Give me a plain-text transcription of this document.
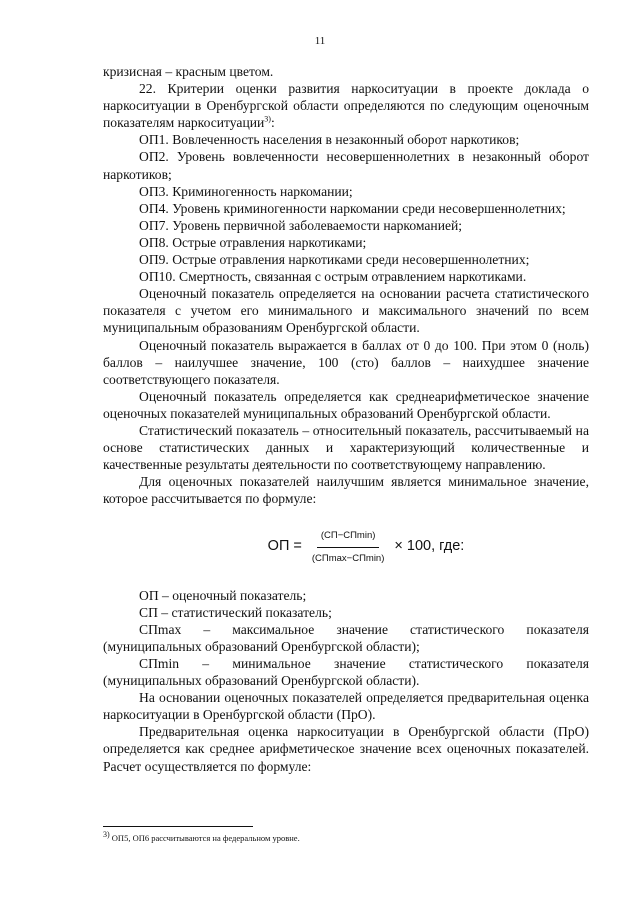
11

кризисная – красным цветом.

22. Критерии оценки развития наркоситуации в проекте доклада о наркоситуации в Оренбургской области определяются по следующим оценочным показателям наркоситуации$^{3)}$:

ОП1. Вовлеченность населения в незаконный оборот наркотиков;

ОП2. Уровень вовлеченности несовершеннолетних в незаконный оборот наркотиков;

ОП3. Криминогенность наркомании;

ОП4. Уровень криминогенности наркомании среди несовершеннолетних;

ОП7. Уровень первичной заболеваемости наркоманией;

ОП8. Острые отравления наркотиками;

ОП9. Острые отравления наркотиками среди несовершеннолетних;

ОП10. Смертность, связанная с острым отравлением наркотиками.

Оценочный показатель определяется на основании расчета статистического показателя с учетом его минимального и максимального значений по всем муниципальным образованиям Оренбургской области.

Оценочный показатель выражается в баллах от 0 до 100. При этом 0 (ноль) баллов – наилучшее значение, 100 (сто) баллов – наихудшее значение соответствующего показателя.

Оценочный показатель определяется как среднеарифметическое значение оценочных показателей муниципальных образований Оренбургской области.

Статистический показатель – относительный показатель, рассчитываемый на основе статистических данных и характеризующий количественные и качественные результаты деятельности по соответствующему направлению.

Для оценочных показателей наилучшим является минимальное значение, которое рассчитывается по формуле:

ОП = $\frac{(СП-СП\min)}{(СП\max-СП\min)} \times 100$, где:

ОП – оценочный показатель;

СП – статистический показатель;

СПmax – максимальное значение статистического показателя (муниципальных образований Оренбургской области);

СПmin – минимальное значение статистического показателя (муниципальных образований Оренбургской области).

На основании оценочных показателей определяется предварительная оценка наркоситуации в Оренбургской области (ПрО).

Предварительная оценка наркоситуации в Оренбургской области (ПрО) определяется как среднее арифметическое значение всех оценочных показателей. Расчет осуществляется по формуле:

3) ОП5, ОП6 рассчитываются на федеральном уровне.
